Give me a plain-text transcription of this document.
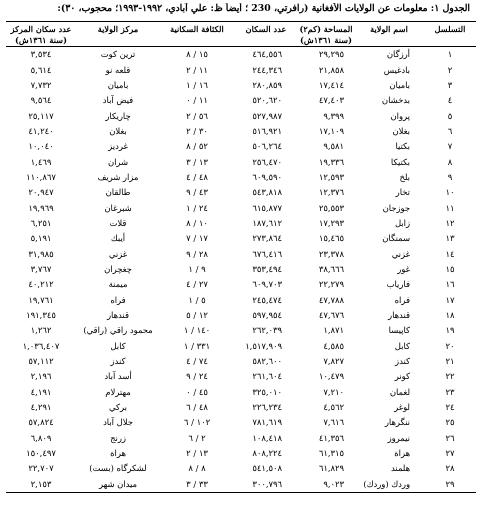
الجدول ١: معلومات عن الولايات الأفغانية (رافرتي، 230 ؛ أيضاً ظ: علي آبادي، ١٩٩٢-١٩٩٣؛ محجوب، ٣٠):
التسلسل	اسم الولاية	المساحة (كم٢)	عدد السكان	الكثافة السكانية	مركز الولاية	عدد سكان المركز
		(سنة ١٣٦١ش)				(سنة ١٣٦١ش)
١	أرزگان	٢٩,٢٩٥	٤٦٤,٥٥٦	١٥ / ٨	ترين كوت	٣,٥٣٤
٢	بادغيس	٢١,٨٥٨	٢٤٤,٣٤٦	١١ / ٢	قلعه نو	٥,٦١٤
٣	باميان	١٧,٤١٤	٢٨٠,٨٥٩	١٦ / ١	باميان	٧,٧٣٢
٤	بدخشان	٤٧,٤٠٣	٥٢٠,٦٢٠	١١ / ٠	فيض آباد	٩,٥٦٤
٥	پروان	٩,٣٩٩	٥٢٧,٩٨٧	٥٦ / ٢	چاريكار	٢٥,١١٧
٦	بغلان	١٧,١٠٩	٥١٦,٩٢١	٣٠ / ٢	بغلان	٤١,٢٤٠
٧	بكتيا	٩,٥٨١	٥٠٦,٢٦٤	٥٢ / ٨	غرديز	١٠,٠٤٠
٨	بكتيكا	١٩,٣٣٦	٢٥٦,٤٧٠	١٣ / ٣	شران	١,٤٦٩
٩	بلخ	١٢,٥٩٣	٦٠٩,٥٩٠	٤٨ / ٤	مزار شريف	١١٠,٨٦٧
١٠	تخار	١٢,٣٧٦	٥٤٣,٨١٨	٤٣ / ٩	طالقان	٢٠,٩٤٧
١١	جوزجان	٢٥,٥٥٣	٦١٥,٨٧٧	٢٤ / ١	شبرغان	١٩,٩٦٩
١٢	زابل	١٧,٢٩٣	١٨٧,٦١٢	١٠ / ٨	قلات	٦,٢٥١
١٣	سمنگان	١٥,٤٦٥	٢٧٣,٨٦٤	١٧ / ٧	أيبك	٥,١٩١
١٤	غزني	٢٣,٣٧٨	٦٧٦,٤١٦	٢٨ / ٩	غزني	٣١,٩٨٥
١٥	غور	٣٨,٦٦٦	٣٥٣,٤٩٤	٩ / ١	چغچران	٣,٧٦٧
١٦	فارياب	٢٢,٢٧٩	٦٠٩,٧٠٣	٢٧ / ٤	ميمنة	٤٠,٢١٢
١٧	فراه	٤٧,٧٨٨	٢٤٥,٤٧٤	٥ / ١	فراه	١٩,٧٦١
١٨	قندهار	٤٧,٦٧٦	٥٩٧,٩٥٤	١٢ / ٥	قندهار	١٩١,٣٤٥
١٩	كاپيسا	١,٨٧١	٢٦٢,٠٣٩	١٤٠ / ١	محمود راقي (راقي)	١,٢٦٢
٢٠	كابل	٤,٥٨٥	١,٥١٧,٩٠٩	٣٣١ / ١	كابل	١,٠٣٦,٤٠٧
٢١	كندز	٧,٨٢٧	٥٨٢,٦٠٠	٧٤ / ٤	كندز	٥٧,١١٢
٢٢	كونر	١٠,٤٧٩	٢٦١,٦٠٤	٢٤ / ٩	أسد آباد	٢,١٩٦
٢٣	لغمان	٧,٢١٠	٣٢٥,٠١٠	٤٥ / ٠	مهترلام	٤,١٩١
٢٤	لوغر	٤,٥٦٢	٢٢٦,٢٣٤	٤٨ / ٦	بركي	٤,٢٩١
٢٥	ننگرهار	٧,٦١٦	٧٨١,٦١٩	١٠٢ / ٦	جلال آباد	٥٧,٨٢٤
٢٦	نيمروز	٤١,٣٥٦	١٠٨,٤١٨	٢ / ٦	زرنج	٦,٨٠٩
٢٧	هراة	٦١,٣١٥	٨٠٨,٢٢٤	١٣ / ٢	هراة	١٥٠,٤٩٧
٢٨	هلمند	٦١,٨٢٩	٥٤١,٥٠٨	٨ / ٨	لشكرگاه (بست)	٢٢,٧٠٧
٢٩	وردك (وردك)	٩,٠٢٣	٣٠٠,٧٩٦	٣٣ / ٣	ميدان شهر	٢,١٥٣
